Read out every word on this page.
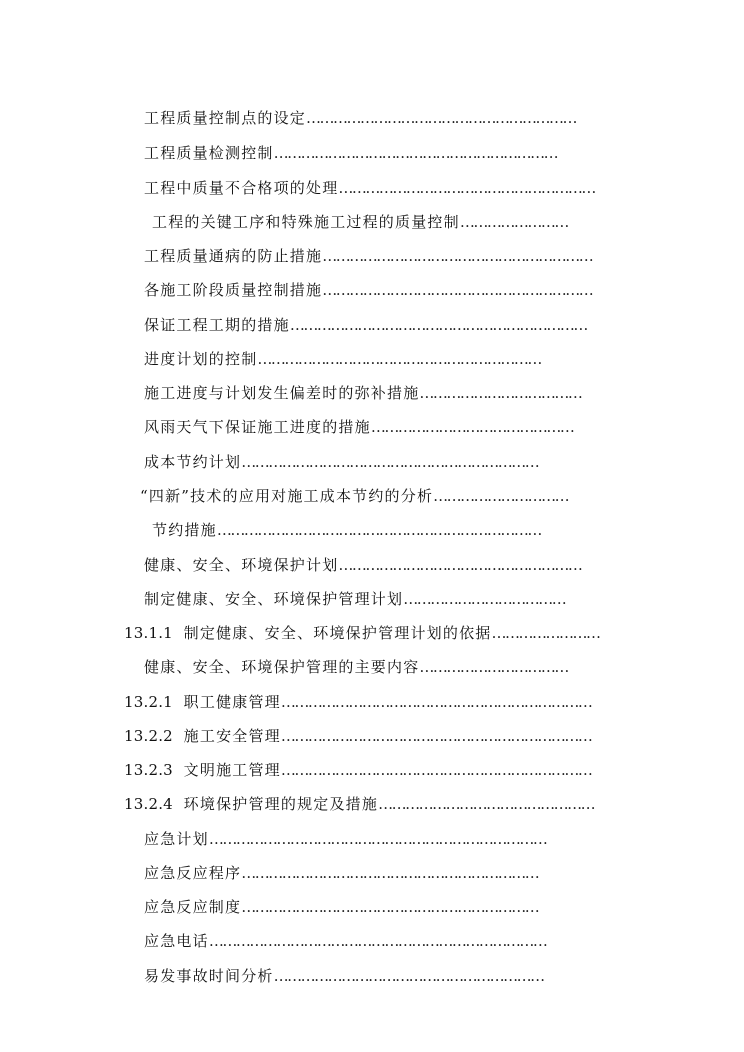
工程质量控制点的设定……………………………………………………
工程质量检测控制………………………………………………………
工程中质量不合格项的处理…………………………………………………
工程的关键工序和特殊施工过程的质量控制……………………
工程质量通病的防止措施……………………………………………………
各施工阶段质量控制措施……………………………………………………
保证工程工期的措施…………………………………………………………
进度计划的控制………………………………………………………
施工进度与计划发生偏差时的弥补措施………………………………
风雨天气下保证施工进度的措施………………………………………
成本节约计划…………………………………………………………
“四新”技术的应用对施工成本节约的分析…………………………
节约措施………………………………………………………………
健康、安全、环境保护计划………………………………………………
制定健康、安全、环境保护管理计划………………………………
13.1.1 制定健康、安全、环境保护管理计划的依据……………………
健康、安全、环境保护管理的主要内容……………………………
13.2.1 职工健康管理……………………………………………………………
13.2.2 施工安全管理……………………………………………………………
13.2.3 文明施工管理……………………………………………………………
13.2.4 环境保护管理的规定及措施…………………………………………
应急计划…………………………………………………………………
应急反应程序…………………………………………………………
应急反应制度…………………………………………………………
应急电话…………………………………………………………………
易发事故时间分析……………………………………………………
